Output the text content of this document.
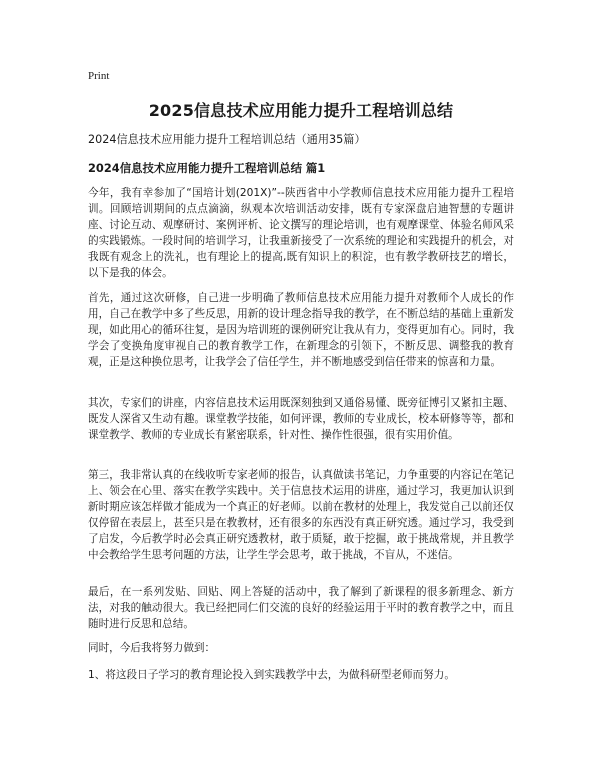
Print
2025信息技术应用能力提升工程培训总结

2024信息技术应用能力提升工程培训总结（通用35篇）

2024信息技术应用能力提升工程培训总结 篇1

今年，我有幸参加了“国培计划(201X)”--陕西省中小学教师信息技术应用能力提升工程培训。回顾培训期间的点点滴滴，纵观本次培训活动安排，既有专家深盘启迪智慧的专题讲座、讨论互动、观摩研讨、案例评析、论文撰写的理论培训，也有观摩课堂、体验名师风采的实践锻炼。一段时间的培训学习，让我重新接受了一次系统的理论和实践提升的机会，对我既有观念上的洗礼，也有理论上的提高,既有知识上的积淀，也有教学教研技艺的增长，以下是我的体会。

首先，通过这次研修，自己进一步明确了教师信息技术应用能力提升对教师个人成长的作用，自己在教学中多了些反思，用新的设计理念指导我的教学，在不断总结的基础上重新发现，如此用心的循环往复，是因为培训班的课例研究让我从有力，变得更加有心。同时，我学会了变换角度审视自己的教育教学工作，在新理念的引领下，不断反思、调整我的教育观，正是这种换位思考，让我学会了信任学生，并不断地感受到信任带来的惊喜和力量。

其次，专家们的讲座，内容信息技术运用既深刻独到又通俗易懂、既旁征博引又紧扣主题、既发人深省又生动有趣。课堂教学技能，如何评课，教师的专业成长，校本研修等等，都和课堂教学、教师的专业成长有紧密联系，针对性、操作性很强，很有实用价值。

第三，我非常认真的在线收听专家老师的报告，认真做读书笔记，力争重要的内容记在笔记上、领会在心里、落实在教学实践中。关于信息技术运用的讲座，通过学习，我更加认识到新时期应该怎样做才能成为一个真正的好老师。以前在教材的处理上，我发觉自己以前还仅仅停留在表层上，甚至只是在教教材，还有很多的东西没有真正研究透。通过学习，我受到了启发，今后教学时必会真正研究透教材，敢于质疑，敢于挖掘，敢于挑战常规，并且教学中会教给学生思考问题的方法，让学生学会思考，敢于挑战，不盲从，不迷信。

最后，在一系列发贴、回贴、网上答疑的活动中，我了解到了新课程的很多新理念、新方法，对我的触动很大。我已经把同仁们交流的良好的经验运用于平时的教育教学之中，而且随时进行反思和总结。

同时，今后我将努力做到：

1、将这段日子学习的教育理论投入到实践教学中去，为做科研型老师而努力。
